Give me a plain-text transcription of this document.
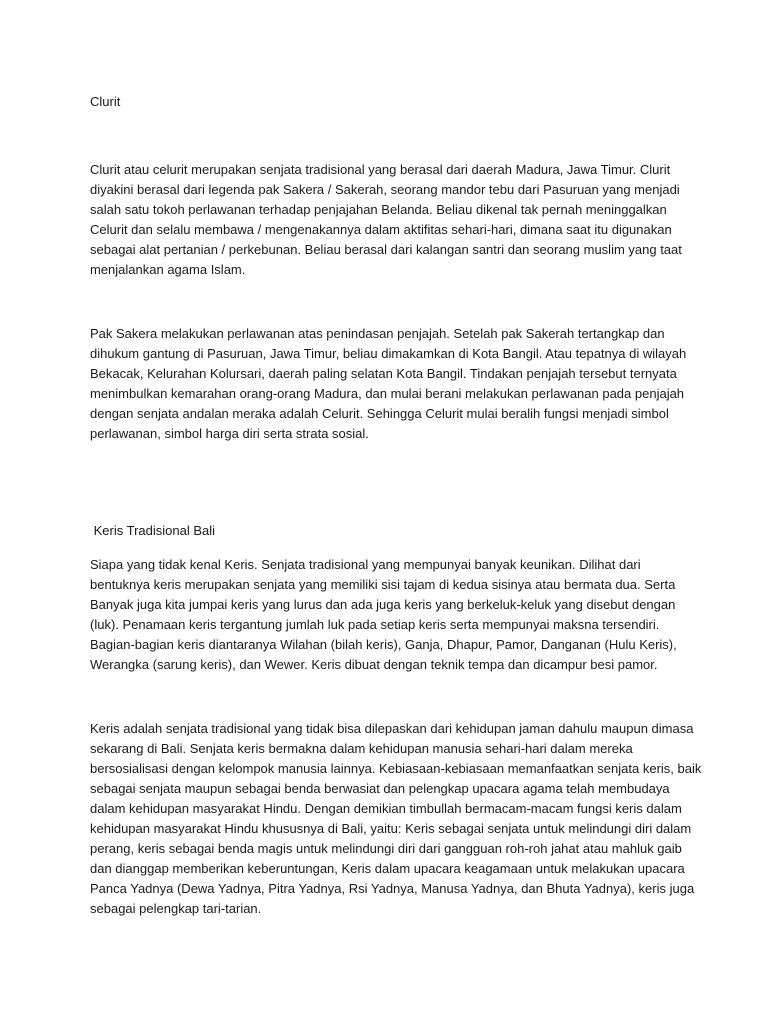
Clurit
Clurit atau celurit merupakan senjata tradisional yang berasal dari daerah Madura, Jawa Timur. Clurit
diyakini berasal dari legenda pak Sakera / Sakerah, seorang mandor tebu dari Pasuruan yang menjadi
salah satu tokoh perlawanan terhadap penjajahan Belanda. Beliau dikenal tak pernah meninggalkan
Celurit dan selalu membawa / mengenakannya dalam aktifitas sehari-hari, dimana saat itu digunakan
sebagai alat pertanian / perkebunan. Beliau berasal dari kalangan santri dan seorang muslim yang taat
menjalankan agama Islam.
Pak Sakera melakukan perlawanan atas penindasan penjajah. Setelah pak Sakerah tertangkap dan
dihukum gantung di Pasuruan, Jawa Timur, beliau dimakamkan di Kota Bangil. Atau tepatnya di wilayah
Bekacak, Kelurahan Kolursari, daerah paling selatan Kota Bangil. Tindakan penjajah tersebut ternyata
menimbulkan kemarahan orang-orang Madura, dan mulai berani melakukan perlawanan pada penjajah
dengan senjata andalan meraka adalah Celurit. Sehingga Celurit mulai beralih fungsi menjadi simbol
perlawanan, simbol harga diri serta strata sosial.
Keris Tradisional Bali
Siapa yang tidak kenal Keris. Senjata tradisional yang mempunyai banyak keunikan. Dilihat dari
bentuknya keris merupakan senjata yang memiliki sisi tajam di kedua sisinya atau bermata dua. Serta
Banyak juga kita jumpai keris yang lurus dan ada juga keris yang berkeluk-keluk yang disebut dengan
(luk). Penamaan keris tergantung jumlah luk pada setiap keris serta mempunyai maksna tersendiri.
Bagian-bagian keris diantaranya Wilahan (bilah keris), Ganja, Dhapur, Pamor, Danganan (Hulu Keris),
Werangka (sarung keris), dan Wewer. Keris dibuat dengan teknik tempa dan dicampur besi pamor.
Keris adalah senjata tradisional yang tidak bisa dilepaskan dari kehidupan jaman dahulu maupun dimasa
sekarang di Bali. Senjata keris bermakna dalam kehidupan manusia sehari-hari dalam mereka
bersosialisasi dengan kelompok manusia lainnya. Kebiasaan-kebiasaan memanfaatkan senjata keris, baik
sebagai senjata maupun sebagai benda berwasiat dan pelengkap upacara agama telah membudaya
dalam kehidupan masyarakat Hindu. Dengan demikian timbullah bermacam-macam fungsi keris dalam
kehidupan masyarakat Hindu khususnya di Bali, yaitu: Keris sebagai senjata untuk melindungi diri dalam
perang, keris sebagai benda magis untuk melindungi diri dari gangguan roh-roh jahat atau mahluk gaib
dan dianggap memberikan keberuntungan, Keris dalam upacara keagamaan untuk melakukan upacara
Panca Yadnya (Dewa Yadnya, Pitra Yadnya, Rsi Yadnya, Manusa Yadnya, dan Bhuta Yadnya), keris juga
sebagai pelengkap tari-tarian.
